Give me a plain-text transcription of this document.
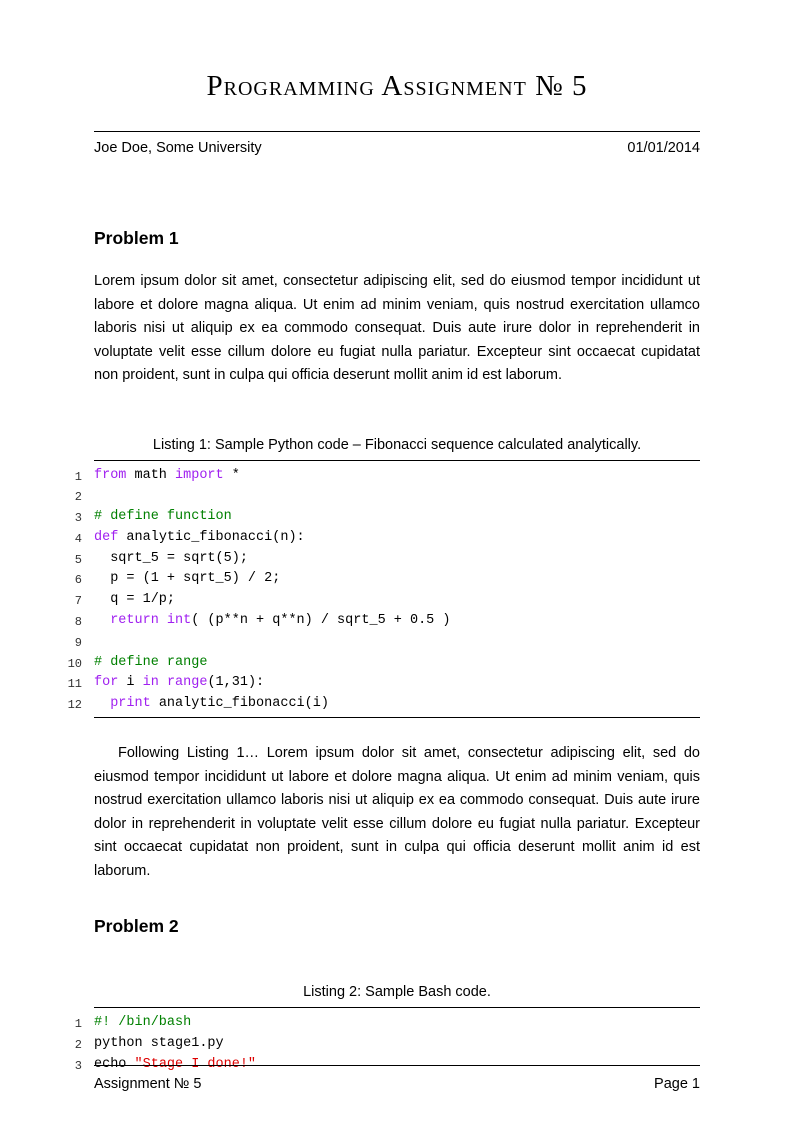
Programming Assignment № 5
Joe Doe, Some University	01/01/2014
Problem 1

Lorem ipsum dolor sit amet, consectetur adipiscing elit, sed do eiusmod tempor incididunt ut labore et dolore magna aliqua. Ut enim ad minim veniam, quis nostrud exercitation ullamco laboris nisi ut aliquip ex ea commodo consequat. Duis aute irure dolor in reprehenderit in voluptate velit esse cillum dolore eu fugiat nulla pariatur. Excepteur sint occaecat cupidatat non proident, sunt in culpa qui officia deserunt mollit anim id est laborum.

Listing 1: Sample Python code – Fibonacci sequence calculated analytically.
1 from math import *
2
3 # define function
4 def analytic_fibonacci(n):
5 sqrt_5 = sqrt(5);
6 p = (1 + sqrt_5) / 2;
7 q = 1/p;
8 return int( (p**n + q**n) / sqrt_5 + 0.5 )
9
10 # define range
11 for i in range(1,31):
12 print analytic_fibonacci(i)

Following Listing 1… Lorem ipsum dolor sit amet, consectetur adipiscing elit, sed do eiusmod tempor incididunt ut labore et dolore magna aliqua. Ut enim ad minim veniam, quis nostrud exercitation ullamco laboris nisi ut aliquip ex ea commodo consequat. Duis aute irure dolor in reprehenderit in voluptate velit esse cillum dolore eu fugiat nulla pariatur. Excepteur sint occaecat cupidatat non proident, sunt in culpa qui officia deserunt mollit anim id est laborum.

Problem 2
Listing 2: Sample Bash code.
1 #! /bin/bash
2 python stage1.py
3 echo "Stage I done!"
Assignment № 5	Page 1
